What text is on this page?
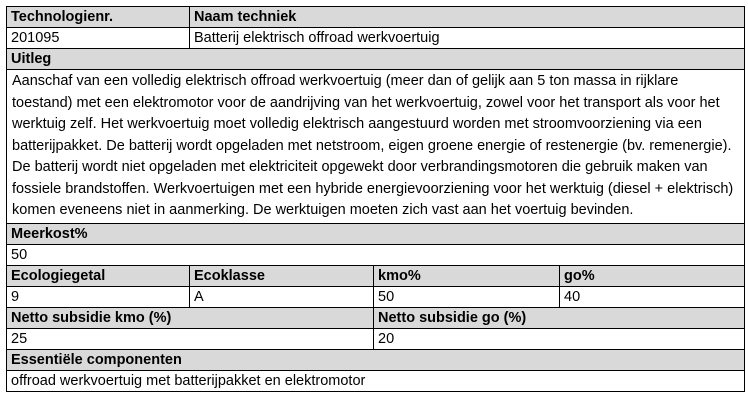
Technologienr.	Naam techniek		
201095	Batterij elektrisch offroad werkvoertuig		
Uitleg			
Aanschaf van een volledig elektrisch offroad werkvoertuig (meer dan of gelijk aan 5 ton massa in rijklare toestand) met een elektromotor voor de aandrijving van het werkvoertuig, zowel voor het transport als voor het werktuig zelf. Het werkvoertuig moet volledig elektrisch aangestuurd worden met stroomvoorziening via een batterijpakket. De batterij wordt opgeladen met netstroom, eigen groene energie of restenergie (bv. remenergie). De batterij wordt niet opgeladen met elektriciteit opgewekt door verbrandingsmotoren die gebruik maken van fossiele brandstoffen. Werkvoertuigen met een hybride energievoorziening voor het werktuig (diesel + elektrisch) komen eveneens niet in aanmerking. De werktuigen moeten zich vast aan het voertuig bevinden.			
Meerkost%			
50			
Ecologiegetal	Ecoklasse	kmo%	go%
9	A	50	40
Netto subsidie kmo (%)		Netto subsidie go (%)	
25		20	
Essentiële componenten			
offroad werkvoertuig met batterijpakket en elektromotor			
